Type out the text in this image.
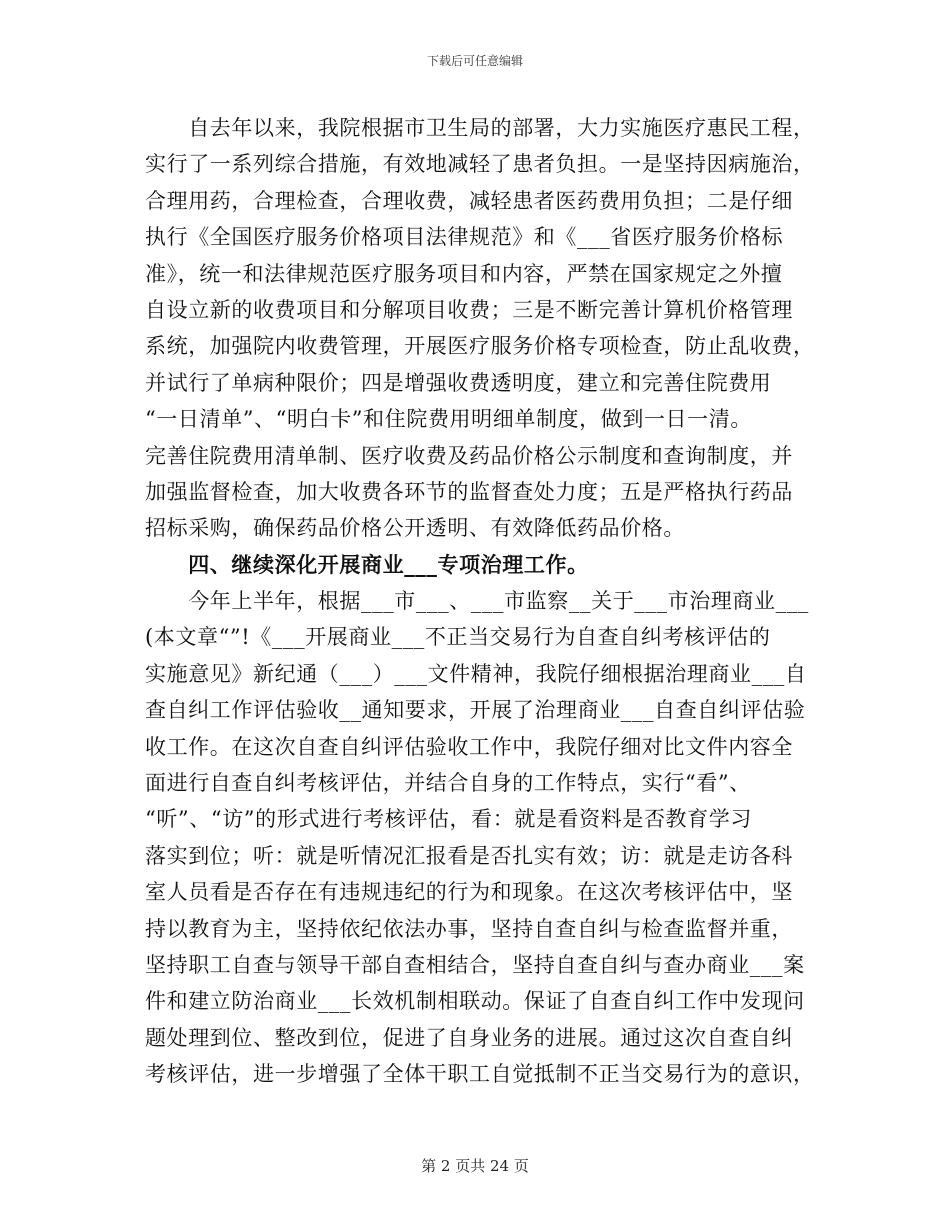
下载后可任意编辑
　　自去年以来，我院根据市卫生局的部署，大力实施医疗惠民工程，
实行了一系列综合措施，有效地减轻了患者负担。一是坚持因病施治，
合理用药，合理检查，合理收费，减轻患者医药费用负担；二是仔细
执行《全国医疗服务价格项目法律规范》和《___省医疗服务价格标
准》，统一和法律规范医疗服务项目和内容，严禁在国家规定之外擅
自设立新的收费项目和分解项目收费；三是不断完善计算机价格管理
系统，加强院内收费管理，开展医疗服务价格专项检查，防止乱收费，
并试行了单病种限价；四是增强收费透明度，建立和完善住院费用
“一日清单”、“明白卡”和住院费用明细单制度，做到一日一清。
完善住院费用清单制、医疗收费及药品价格公示制度和查询制度，并
加强监督检查，加大收费各环节的监督查处力度；五是严格执行药品
招标采购，确保药品价格公开透明、有效降低药品价格。
　　四、继续深化开展商业___专项治理工作。
　　今年上半年，根据___市___、___市监察__关于___市治理商业___
(本文章“”!《___开展商业___不正当交易行为自查自纠考核评估的
实施意见》新纪通（___）___文件精神，我院仔细根据治理商业___自
查自纠工作评估验收__通知要求，开展了治理商业___自查自纠评估验
收工作。在这次自查自纠评估验收工作中，我院仔细对比文件内容全
面进行自查自纠考核评估，并结合自身的工作特点，实行“看”、
“听”、“访”的形式进行考核评估，看：就是看资料是否教育学习
落实到位；听：就是听情况汇报看是否扎实有效；访：就是走访各科
室人员看是否存在有违规违纪的行为和现象。在这次考核评估中，坚
持以教育为主，坚持依纪依法办事，坚持自查自纠与检查监督并重，
坚持职工自查与领导干部自查相结合，坚持自查自纠与查办商业___案
件和建立防治商业___长效机制相联动。保证了自查自纠工作中发现问
题处理到位、整改到位，促进了自身业务的进展。通过这次自查自纠
考核评估，进一步增强了全体干职工自觉抵制不正当交易行为的意识，
第 2 页共 24 页
